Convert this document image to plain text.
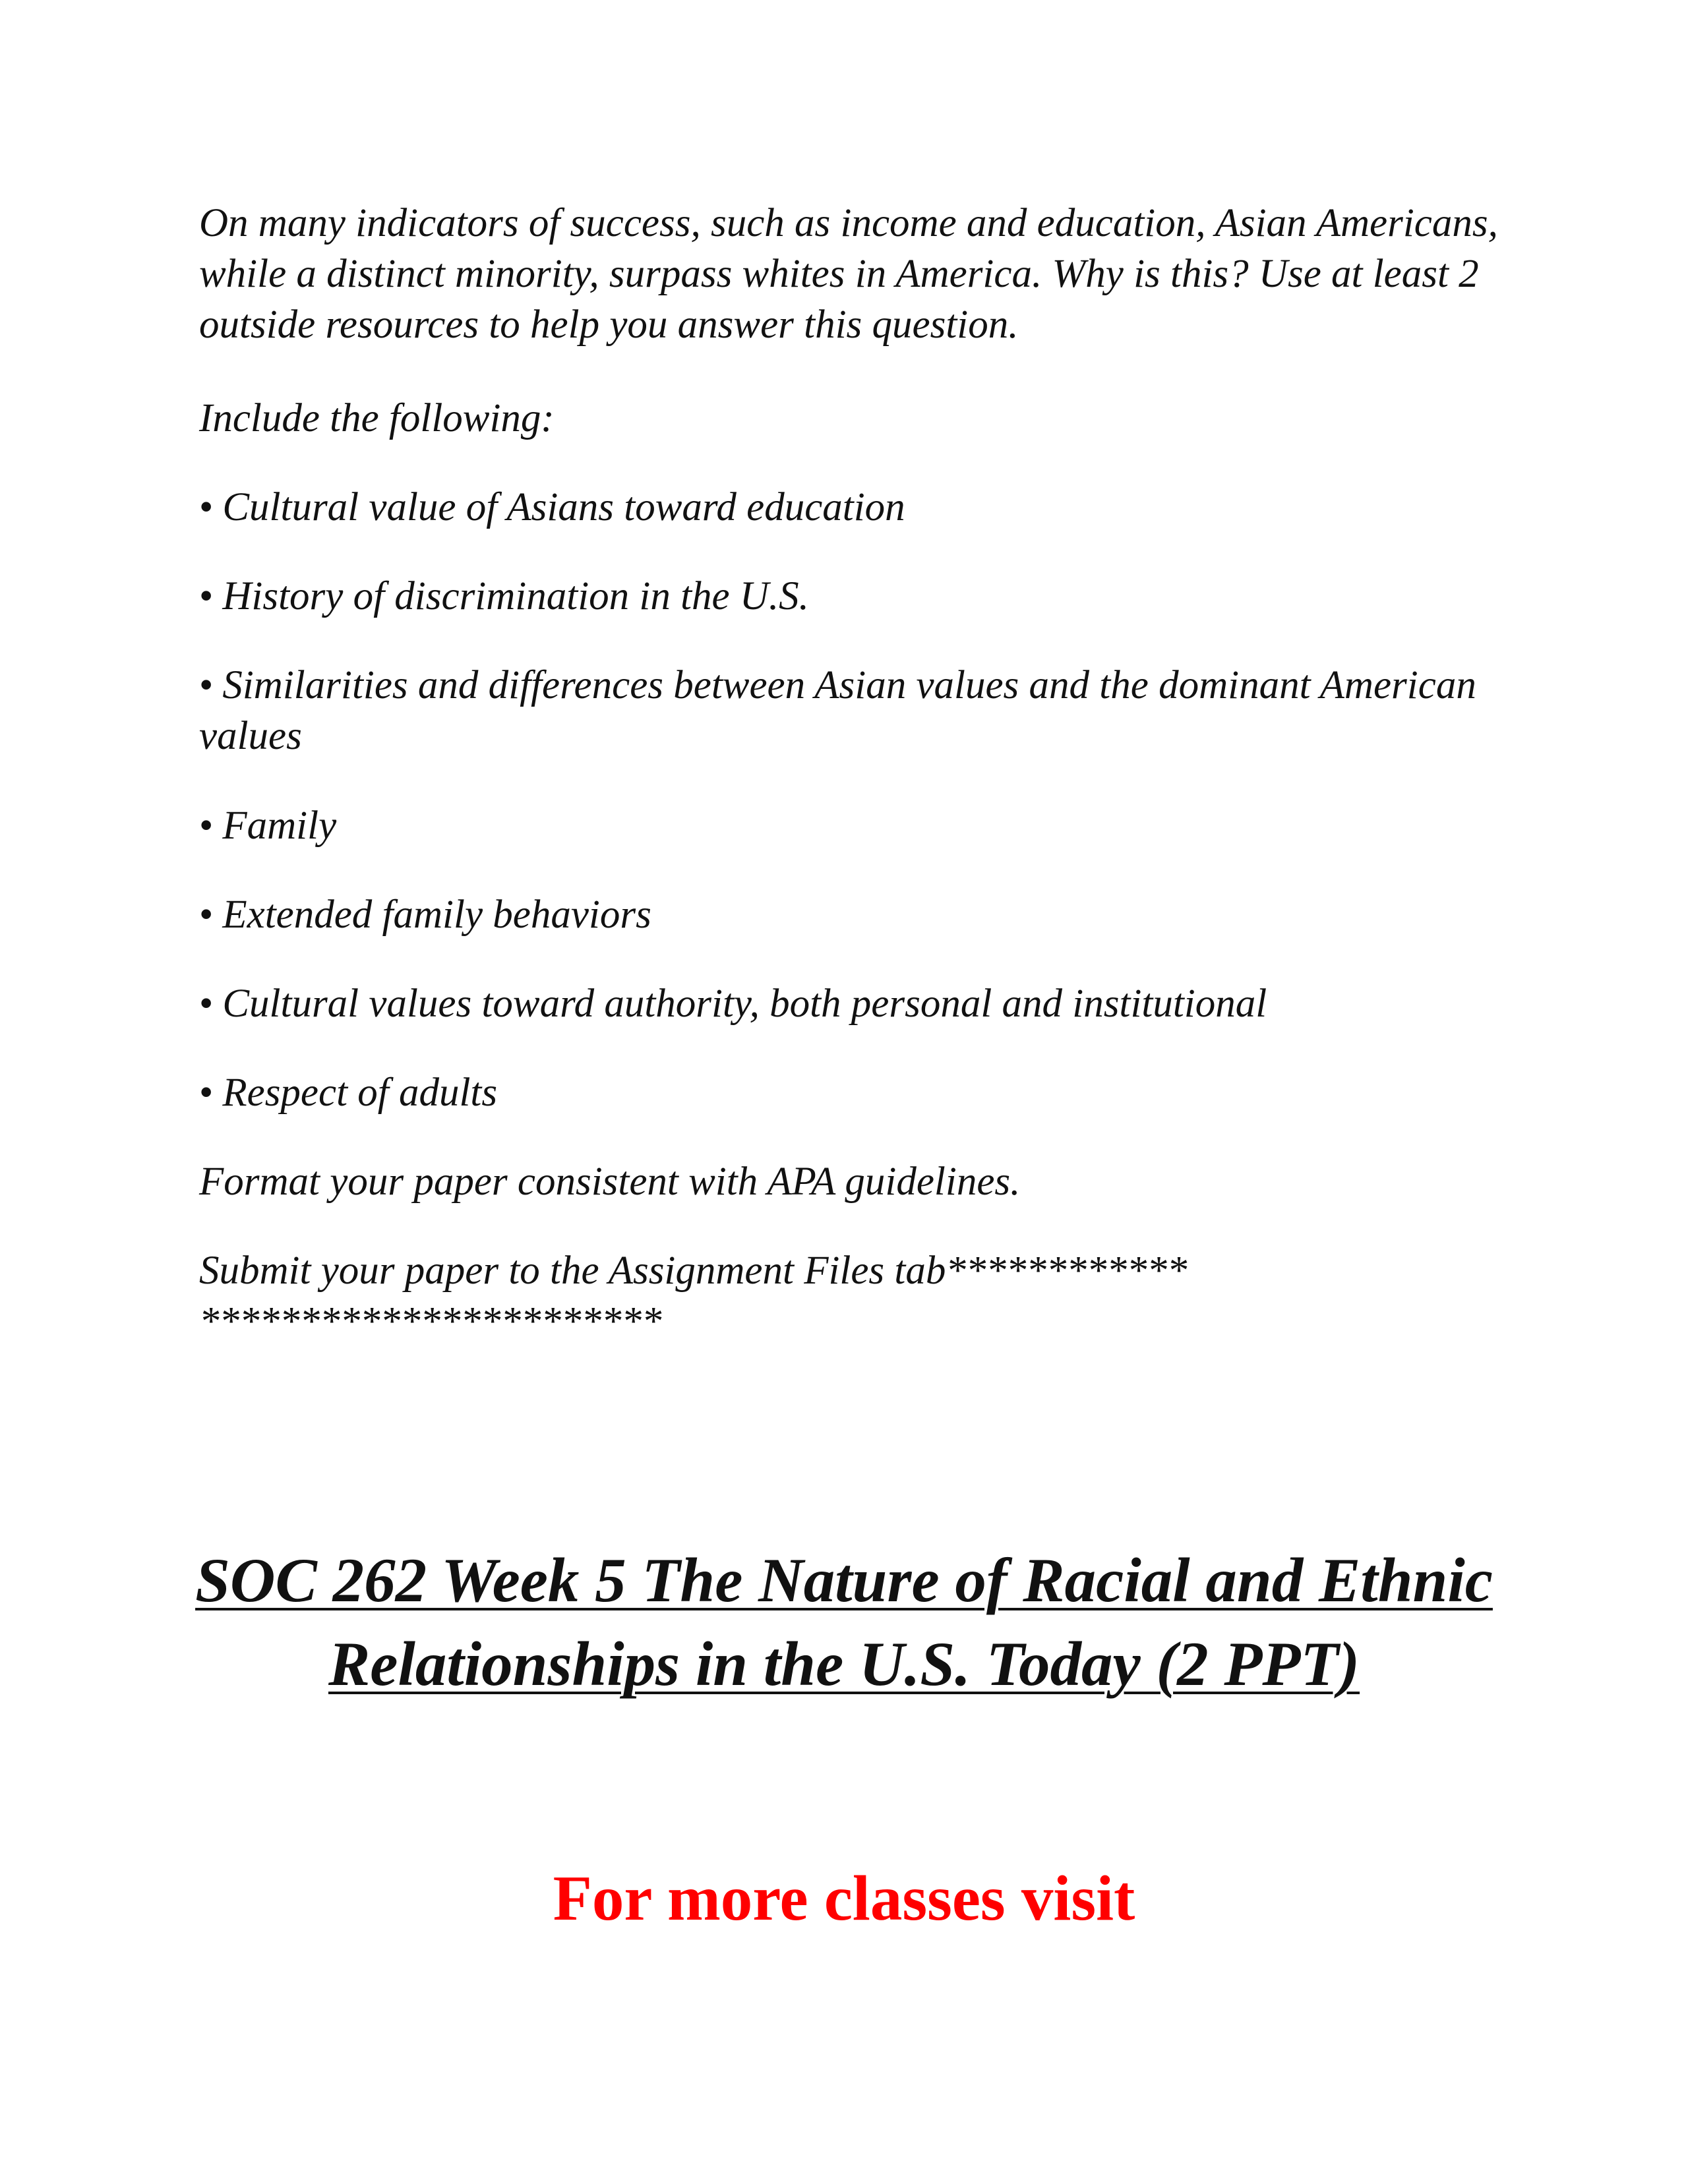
On many indicators of success, such as income and education, Asian Americans, while a distinct minority, surpass whites in America. Why is this? Use at least 2 outside resources to help you answer this question.

Include the following:

• Cultural value of Asians toward education

• History of discrimination in the U.S.

• Similarities and differences between Asian values and the dominant American values

• Family

• Extended family behaviors

• Cultural values toward authority, both personal and institutional

• Respect of adults

Format your paper consistent with APA guidelines.

Submit your paper to the Assignment Files tab***********************************

SOC 262 Week 5 The Nature of Racial and Ethnic
Relationships in the U.S. Today (2 PPT)

For more classes visit
